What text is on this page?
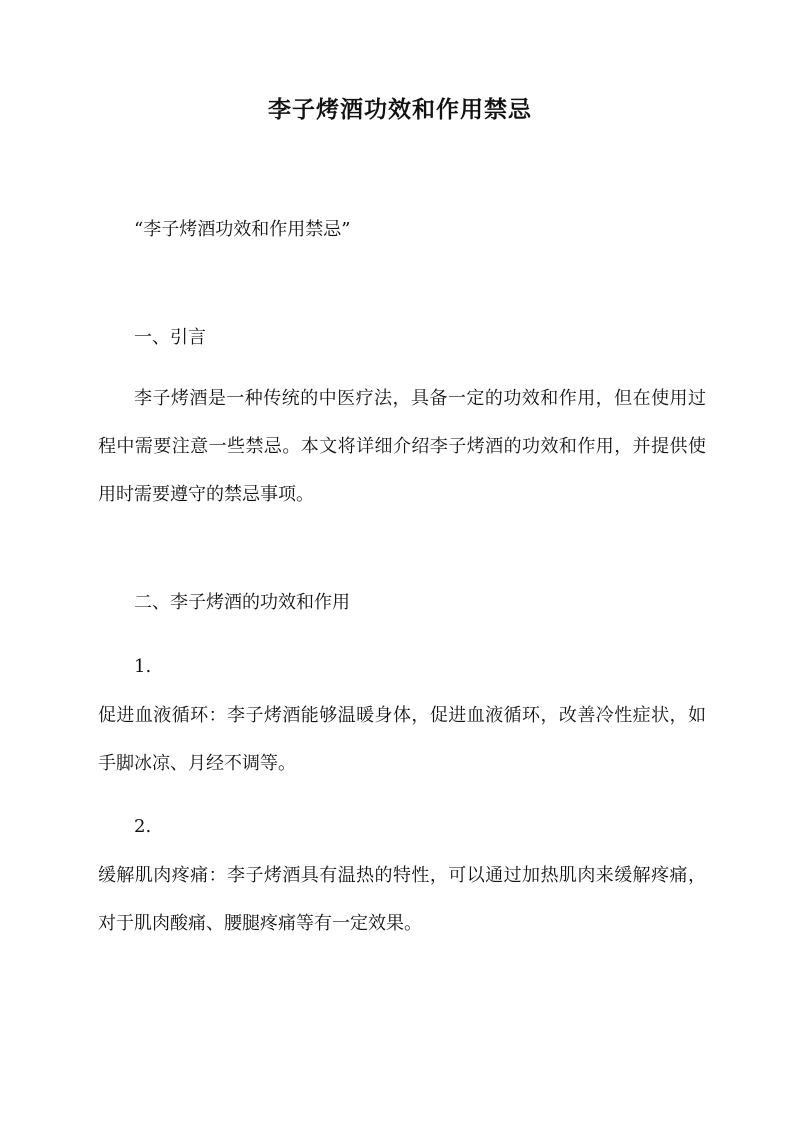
李子烤酒功效和作用禁忌

“李子烤酒功效和作用禁忌”

一、引言

李子烤酒是一种传统的中医疗法，具备一定的功效和作用，但在使用过程中需要注意一些禁忌。本文将详细介绍李子烤酒的功效和作用，并提供使用时需要遵守的禁忌事项。

二、李子烤酒的功效和作用

1.

促进血液循环：李子烤酒能够温暖身体，促进血液循环，改善冷性症状，如手脚冰凉、月经不调等。

2.

缓解肌肉疼痛：李子烤酒具有温热的特性，可以通过加热肌肉来缓解疼痛，对于肌肉酸痛、腰腿疼痛等有一定效果。
